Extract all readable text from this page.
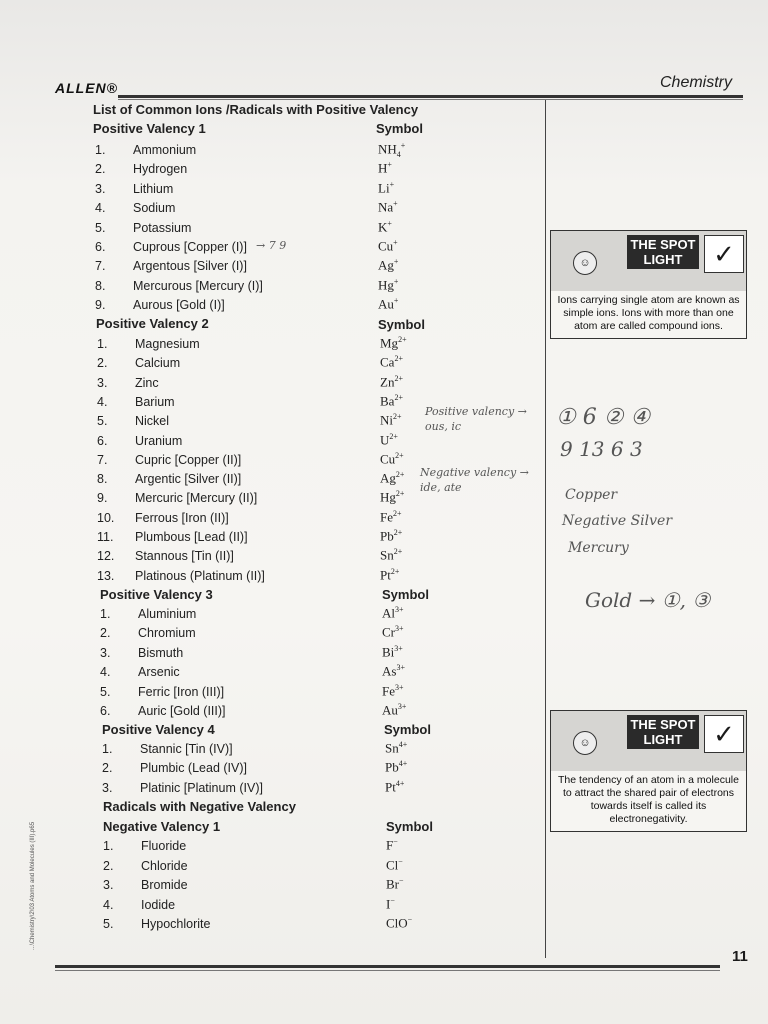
ALLEN®	Chemistry
List of Common Ions /Radicals with Positive Valency
Positive Valency 1	Symbol
1.	Ammonium	$NH_4^+$
2.	Hydrogen	H+
3.	Lithium	Li+
4.	Sodium	Na+
5.	Potassium	K+
6.	Cuprous [Copper (I)]	Cu+
7.	Argentous [Silver (I)]	Ag+
8.	Mercurous [Mercury (I)]	Hg+
9.	Aurous [Gold (I)]	Au+
Positive Valency 2	Symbol
1.	Magnesium	$Mg^{2+}$
2.	Calcium	$Ca^{2+}$
3.	Zinc	$Zn^{2+}$
4.	Barium	$Ba^{2+}$
5.	Nickel	$Ni^{2+}$
6.	Uranium	$U^{2+}$
7.	Cupric [Copper (II)]	$Cu^{2+}$
8.	Argentic [Silver (II)]	$Ag^{2+}$
9.	Mercuric [Mercury (II)]	$Hg^{2+}$
10.	Ferrous [Iron (II)]	$Fe^{2+}$
11.	Plumbous [Lead (II)]	$Pb^{2+}$
12.	Stannous [Tin (II)]	$Sn^{2+}$
13.	Platinous (Platinum (II)]	$Pt^{2+}$
Positive Valency 3	Symbol
1.	Aluminium	$Al^{3+}$
2.	Chromium	$Cr^{3+}$
3.	Bismuth	$Bi^{3+}$
4.	Arsenic	$As^{3+}$
5.	Ferric [Iron (III)]	$Fe^{3+}$
6.	Auric [Gold (III)]	$Au^{3+}$
Positive Valency 4	Symbol
1.	Stannic [Tin (IV)]	$Sn^{4+}$
2.	Plumbic (Lead (IV)]	$Pb^{4+}$
3.	Platinic [Platinum (IV)]	$Pt^{4+}$
Radicals with Negative Valency
Negative Valency 1	Symbol
1.	Fluoride	F−
2.	Chloride	Cl−
3.	Bromide	Br−
4.	Iodide	I−
5.	Hypochlorite	ClO−
☺
THE SPOT LIGHT	✓
Ions carrying single atom are known as simple ions. Ions with more than one atom are called compound ions.
☺
THE SPOT LIGHT	✓
The tendency of an atom in a molecule to attract the shared pair of electrons towards itself is called its electronegativity.
Positive valency → ous, ic
Negative valency → ide, ate
① 6 ② ④
9 13 6 3
Copper
Negative Silver
Mercury
Gold → ①, ③
→ 7 9
11
...\Chemistry\2\03 Atoms and Molecules (III).p65
